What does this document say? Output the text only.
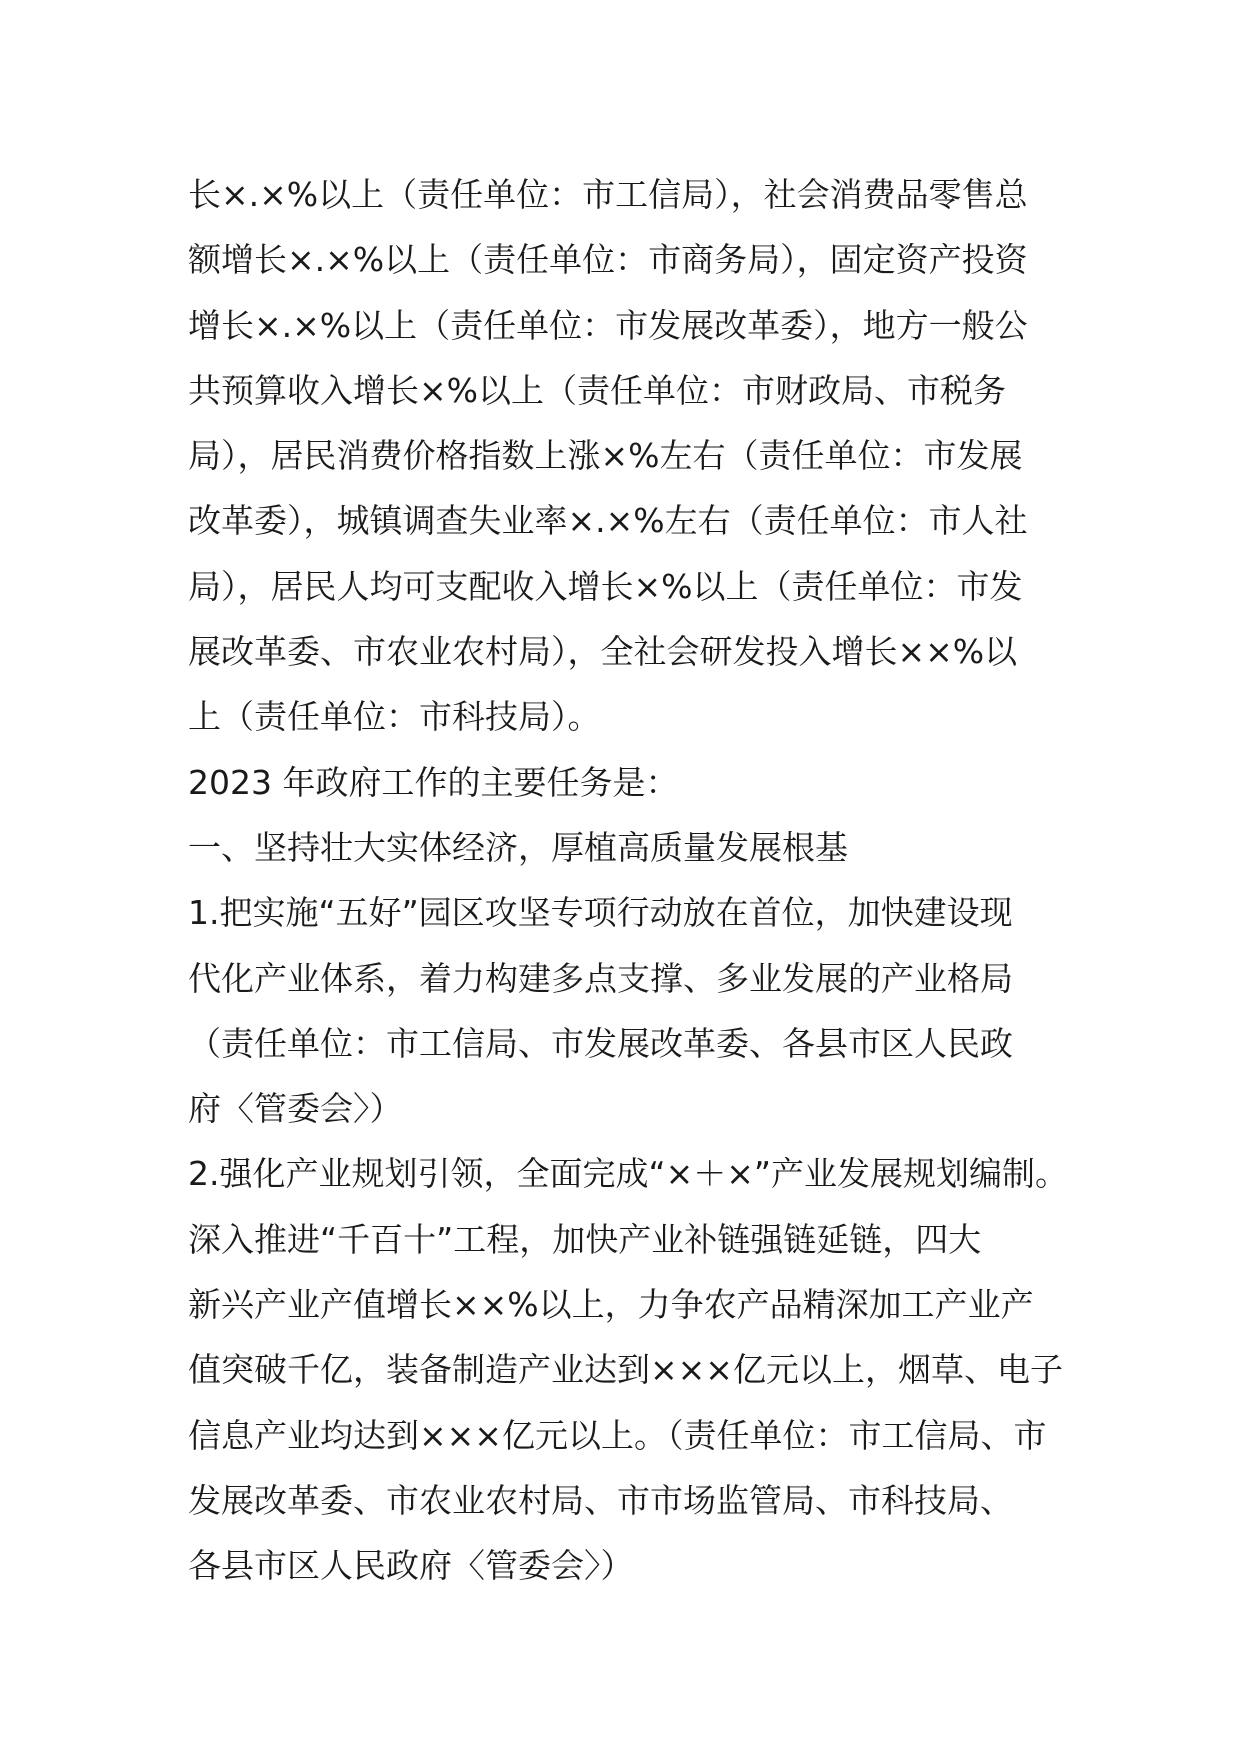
长×.×%以上（责任单位：市工信局），社会消费品零售总
额增长×.×%以上（责任单位：市商务局），固定资产投资
增长×.×%以上（责任单位：市发展改革委），地方一般公
共预算收入增长×%以上（责任单位：市财政局、市税务
局），居民消费价格指数上涨×%左右（责任单位：市发展
改革委），城镇调查失业率×.×%左右（责任单位：市人社
局），居民人均可支配收入增长×%以上（责任单位：市发
展改革委、市农业农村局），全社会研发投入增长××%以
上（责任单位：市科技局）。
2023 年政府工作的主要任务是：
一、坚持壮大实体经济，厚植高质量发展根基
1.把实施“五好”园区攻坚专项行动放在首位，加快建设现
代化产业体系，着力构建多点支撑、多业发展的产业格局
（责任单位：市工信局、市发展改革委、各县市区人民政
府〈管委会〉）
2.强化产业规划引领，全面完成“×＋×”产业发展规划编制。
深入推进“千百十”工程，加快产业补链强链延链，四大
新兴产业产值增长××%以上，力争农产品精深加工产业产
值突破千亿，装备制造产业达到×××亿元以上，烟草、电子
信息产业均达到×××亿元以上。（责任单位：市工信局、市
发展改革委、市农业农村局、市市场监管局、市科技局、
各县市区人民政府〈管委会〉）
